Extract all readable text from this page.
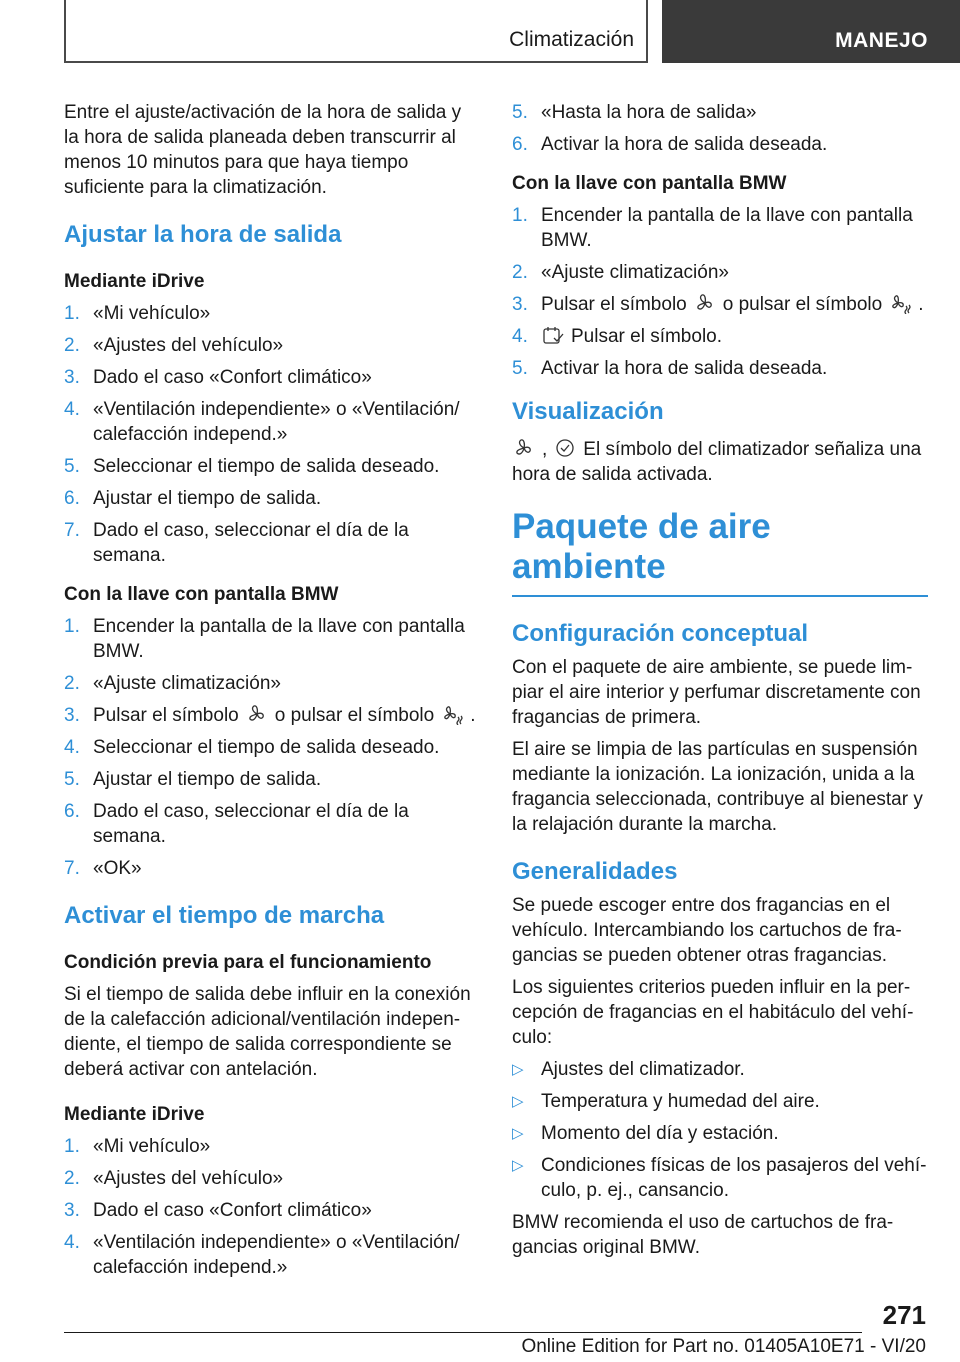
Climatización	MANEJO

Entre el ajuste/activación de la hora de salida y la hora de salida planeada deben transcurrir al menos 10 minutos para que haya tiempo suficiente para la climatización.

Ajustar la hora de salida
Mediante iDrive
1. «Mi vehículo»
2. «Ajustes del vehículo»
3. Dado el caso «Confort climático»
4. «Ventilación independiente» o «Ventilación/ calefacción independ.»
5. Seleccionar el tiempo de salida deseado.
6. Ajustar el tiempo de salida.
7. Dado el caso, seleccionar el día de la semana.
Con la llave con pantalla BMW
1. Encender la pantalla de la llave con pantalla BMW.
2. «Ajuste climatización»
3. Pulsar el símbolo o pulsar el símbolo .
4. Seleccionar el tiempo de salida deseado.
5. Ajustar el tiempo de salida.
6. Dado el caso, seleccionar el día de la semana.
7. «OK»
Activar el tiempo de marcha
Condición previa para el funcionamiento

Si el tiempo de salida debe influir en la conexión de la calefacción adicional/ventilación independiente, el tiempo de salida correspondiente se deberá activar con antelación.

Mediante iDrive
1. «Mi vehículo»
2. «Ajustes del vehículo»
3. Dado el caso «Confort climático»
4. «Ventilación independiente» o «Ventilación/ calefacción independ.»
5. «Hasta la hora de salida»
6. Activar la hora de salida deseada.
Con la llave con pantalla BMW
1. Encender la pantalla de la llave con pantalla BMW.
2. «Ajuste climatización»
3. Pulsar el símbolo o pulsar el símbolo .
4. Pulsar el símbolo.
5. Activar la hora de salida deseada.
Visualización

, El símbolo del climatizador señaliza una hora de salida activada.

Paquete de aire ambiente
Configuración conceptual

Con el paquete de aire ambiente, se puede limpiar el aire interior y perfumar discretamente con fragancias de primera.

El aire se limpia de las partículas en suspensión mediante la ionización. La ionización, unida a la fragancia seleccionada, contribuye al bienestar y la relajación durante la marcha.

Generalidades

Se puede escoger entre dos fragancias en el vehículo. Intercambiando los cartuchos de fragancias se pueden obtener otras fragancias.

Los siguientes criterios pueden influir en la percepción de fragancias en el habitáculo del vehículo:

▷ Ajustes del climatizador.
▷ Temperatura y humedad del aire.
▷ Momento del día y estación.
▷ Condiciones físicas de los pasajeros del vehículo, p. ej., cansancio.

BMW recomienda el uso de cartuchos de fragancias original BMW.

271
Online Edition for Part no. 01405A10E71 - VI/20
